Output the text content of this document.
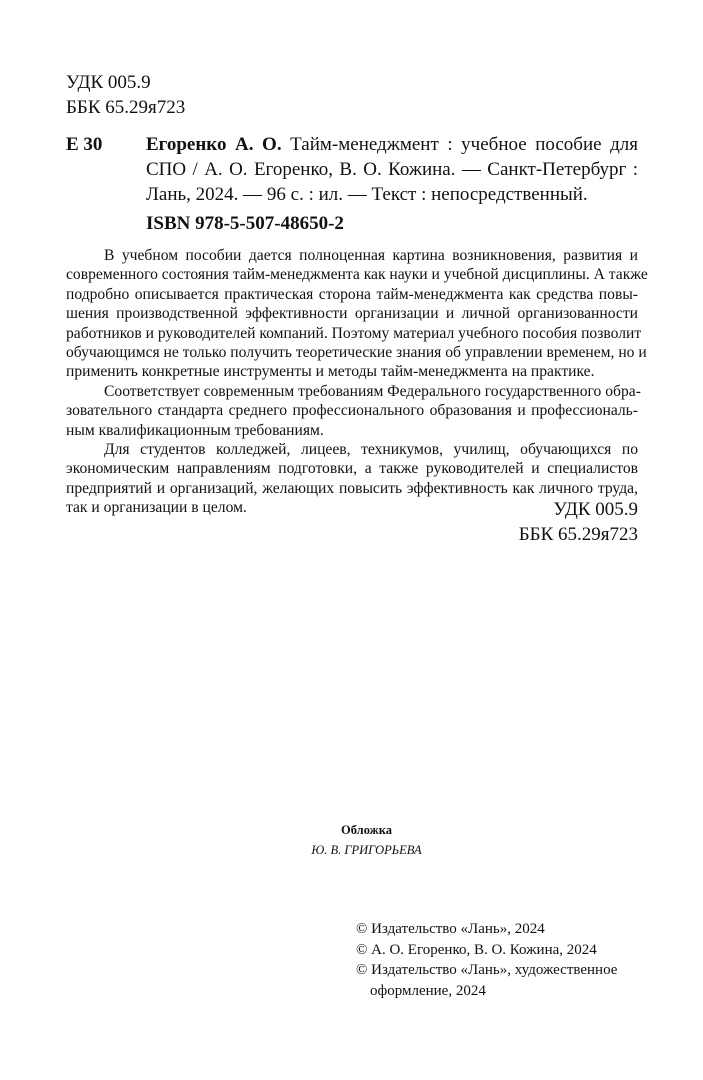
УДК 005.9
ББК 65.29я723
Е 30 Егоренко А. О. Тайм-менеджмент : учебное пособие для
СПО / А. О. Егоренко, В. О. Кожина. — Санкт-Петербург :
Лань, 2024. — 96 с. : ил. — Текст : непосредственный.
ISBN 978-5-507-48650-2
В учебном пособии дается полноценная картина возникновения, развития и
современного состояния тайм-менеджмента как науки и учебной дисциплины. А также
подробно описывается практическая сторона тайм-менеджмента как средства повы-
шения производственной эффективности организации и личной организованности
работников и руководителей компаний. Поэтому материал учебного пособия позволит
обучающимся не только получить теоретические знания об управлении временем, но и
применить конкретные инструменты и методы тайм-менеджмента на практике.
Соответствует современным требованиям Федерального государственного обра-
зовательного стандарта среднего профессионального образования и профессиональ-
ным квалификационным требованиям.
Для студентов колледжей, лицеев, техникумов, училищ, обучающихся по
экономическим направлениям подготовки, а также руководителей и специалистов
предприятий и организаций, желающих повысить эффективность как личного труда,
так и организации в целом.	УДК 005.9
ББК 65.29я723
Обложка
Ю. В. ГРИГОРЬЕВА
© Издательство «Лань», 2024
© А. О. Егоренко, В. О. Кожина, 2024
© Издательство «Лань», художественное
оформление, 2024
